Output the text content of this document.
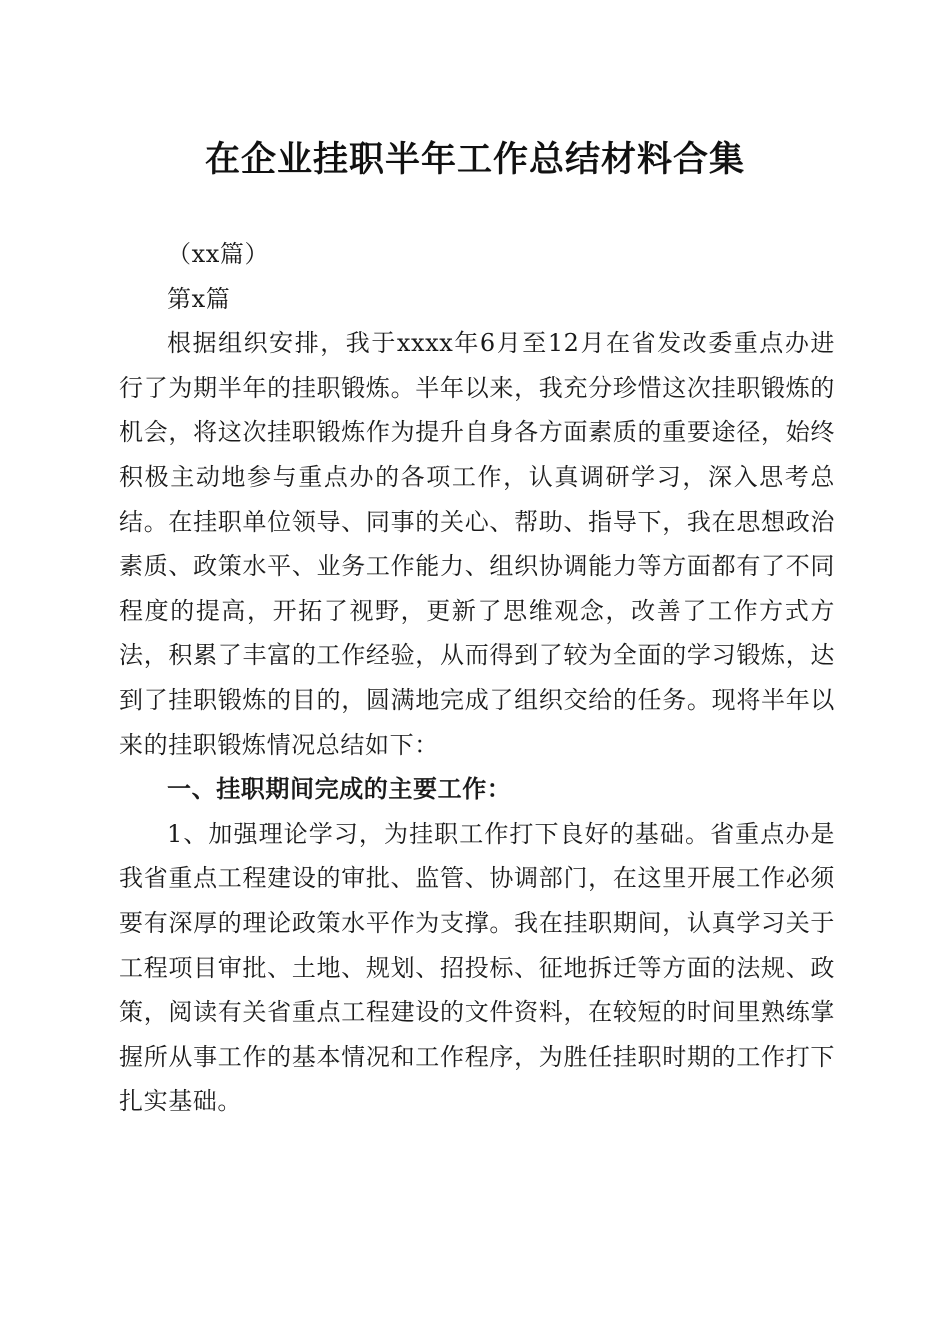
在企业挂职半年工作总结材料合集

（xx篇）

第x篇

根据组织安排，我于xxxx年6月至12月在省发改委重点办进行了为期半年的挂职锻炼。半年以来，我充分珍惜这次挂职锻炼的机会，将这次挂职锻炼作为提升自身各方面素质的重要途径，始终积极主动地参与重点办的各项工作，认真调研学习，深入思考总结。在挂职单位领导、同事的关心、帮助、指导下，我在思想政治素质、政策水平、业务工作能力、组织协调能力等方面都有了不同程度的提高，开拓了视野，更新了思维观念，改善了工作方式方法，积累了丰富的工作经验，从而得到了较为全面的学习锻炼，达到了挂职锻炼的目的，圆满地完成了组织交给的任务。现将半年以来的挂职锻炼情况总结如下：

一、挂职期间完成的主要工作：

1、加强理论学习，为挂职工作打下良好的基础。省重点办是我省重点工程建设的审批、监管、协调部门，在这里开展工作必须要有深厚的理论政策水平作为支撑。我在挂职期间，认真学习关于工程项目审批、土地、规划、招投标、征地拆迁等方面的法规、政策，阅读有关省重点工程建设的文件资料，在较短的时间里熟练掌握所从事工作的基本情况和工作程序，为胜任挂职时期的工作打下扎实基础。
